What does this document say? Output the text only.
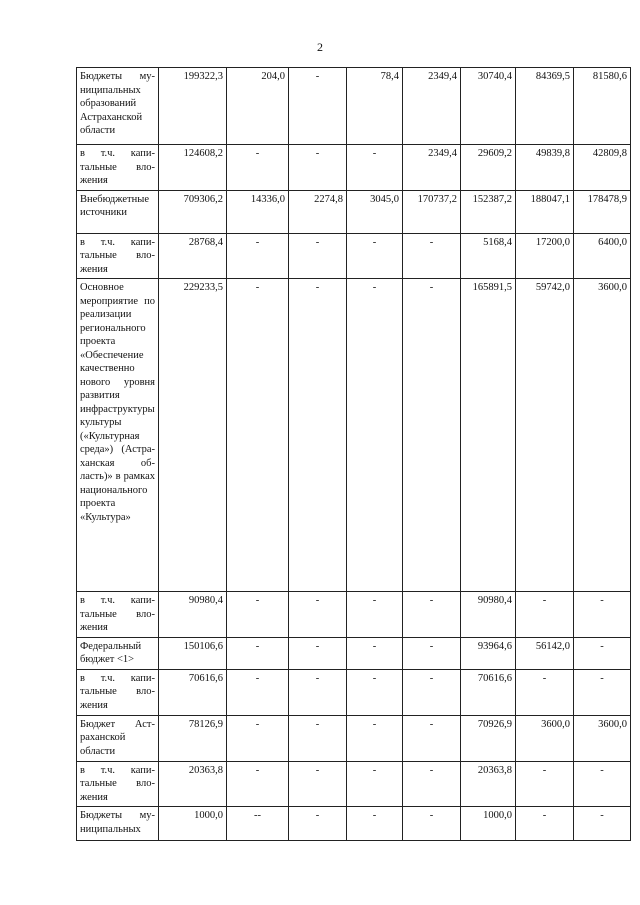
2
Бюджеты муниципальных образований Астраханской области	199322,3	204,0	-	78,4	2349,4	30740,4	84369,5	81580,6
в т.ч. капитальные вложения	124608,2	-	-	-	2349,4	29609,2	49839,8	42809,8
Внебюджетные источники	709306,2	14336,0	2274,8	3045,0	170737,2	152387,2	188047,1	178478,9
в т.ч. капитальные вложения	28768,4	-	-	-	-	5168,4	17200,0	6400,0
Основное мероприятие по реализации регионального проекта «Обеспечение качественно нового уровня развития инфраструктуры культуры («Культурная среда») (Астраханская область)» в рамках национального проекта «Культура»	229233,5	-	-	-	-	165891,5	59742,0	3600,0
в т.ч. капитальные вложения	90980,4	-	-	-	-	90980,4	-	-
Федеральный бюджет <1>	150106,6	-	-	-	-	93964,6	56142,0	-
в т.ч. капитальные вложения	70616,6	-	-	-	-	70616,6	-	-
Бюджет Астраханской области	78126,9	-	-	-	-	70926,9	3600,0	3600,0
в т.ч. капитальные вложения	20363,8	-	-	-	-	20363,8	-	-
Бюджеты муниципальных	1000,0	--	-	-	-	1000,0	-	-
